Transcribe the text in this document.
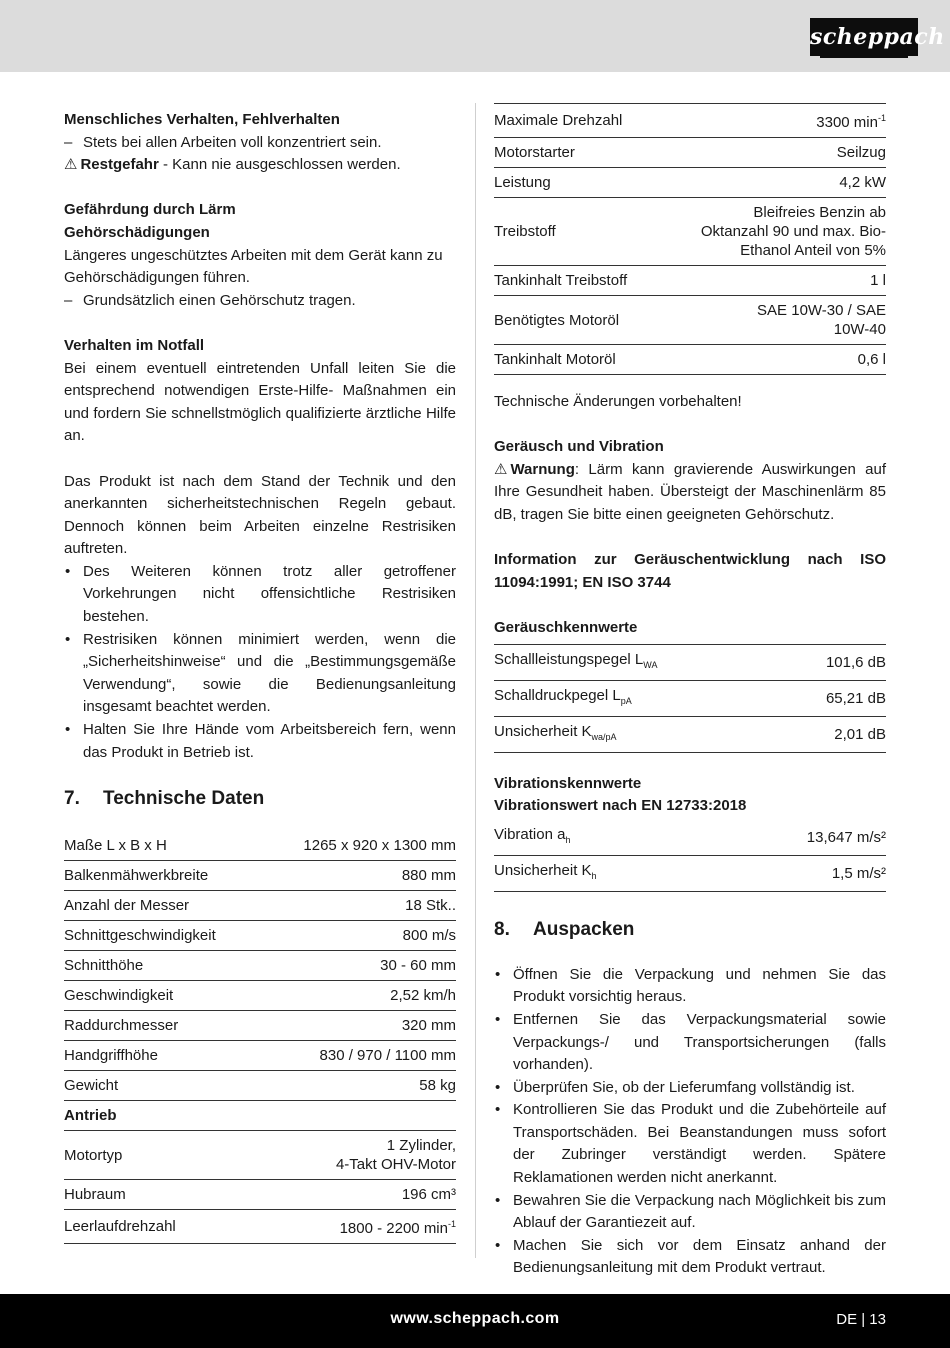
scheppach

Menschliches Verhalten, Fehlverhalten

– Stets bei allen Arbeiten voll konzentriert sein.

⚠ Restgefahr - Kann nie ausgeschlossen werden.

Gefährdung durch Lärm

Gehörschädigungen

Längeres ungeschütztes Arbeiten mit dem Gerät kann zu Gehörschädigungen führen.

– Grundsätzlich einen Gehörschutz tragen.

Verhalten im Notfall

Bei einem eventuell eintretenden Unfall leiten Sie die entsprechend notwendigen Erste-Hilfe- Maßnahmen ein und fordern Sie schnellstmöglich qualifizierte ärztliche Hilfe an.

Das Produkt ist nach dem Stand der Technik und den anerkannten sicherheitstechnischen Regeln gebaut. Dennoch können beim Arbeiten einzelne Restrisiken auftreten.

• Des Weiteren können trotz aller getroffener Vorkehrungen nicht offensichtliche Restrisiken bestehen.
• Restrisiken können minimiert werden, wenn die „Sicherheitshinweise“ und die „Bestimmungsgemäße Verwendung“, sowie die Bedienungsanleitung insgesamt beachtet werden.
• Halten Sie Ihre Hände vom Arbeitsbereich fern, wenn das Produkt in Betrieb ist.
7.	Technische Daten
Maße L x B x H	1265 x 920 x 1300 mm
Balkenmähwerkbreite	880 mm
Anzahl der Messer	18 Stk..
Schnittgeschwindigkeit	800 m/s
Schnitthöhe	30 - 60 mm
Geschwindigkeit	2,52 km/h
Raddurchmesser	320 mm
Handgriffhöhe	830 / 970 / 1100 mm
Gewicht	58 kg
Antrieb	
Motortyp	1 Zylinder,
4-Takt OHV-Motor
Hubraum	196 cm³
Leerlaufdrehzahl	1800 - 2200 $\min^{-1}$
Maximale Drehzahl	3300 $\min^{-1}$
Motorstarter	Seilzug
Leistung	4,2 kW
Treibstoff	Bleifreies Benzin ab
Oktanzahl 90 und max. Bio-
Ethanol Anteil von 5%
Tankinhalt Treibstoff	1 l
Benötigtes Motoröl	SAE 10W-30 / SAE
10W-40
Tankinhalt Motoröl	0,6 l

Technische Änderungen vorbehalten!

Geräusch und Vibration

⚠ Warnung: Lärm kann gravierende Auswirkungen auf Ihre Gesundheit haben. Übersteigt der Maschinenlärm 85 dB, tragen Sie bitte einen geeigneten Gehörschutz.

Information zur Geräuschentwicklung nach ISO 11094:1991; EN ISO 3744

Geräuschkennwerte

Schallleistungspegel $L_{WA}$	101,6 dB
Schalldruckpegel $L_{pA}$	65,21 dB
Unsicherheit $K_{wa/pA}$	2,01 dB

Vibrationskennwerte

Vibrationswert nach EN 12733:2018

Vibration $a_h$	13,647 m/s²
Unsicherheit $K_h$	1,5 m/s²
8.	Auspacken
• Öffnen Sie die Verpackung und nehmen Sie das Produkt vorsichtig heraus.
• Entfernen Sie das Verpackungsmaterial sowie Verpackungs-/ und Transportsicherungen (falls vorhanden).
• Überprüfen Sie, ob der Lieferumfang vollständig ist.
• Kontrollieren Sie das Produkt und die Zubehörteile auf Transportschäden. Bei Beanstandungen muss sofort der Zubringer verständigt werden. Spätere Reklamationen werden nicht anerkannt.
• Bewahren Sie die Verpackung nach Möglichkeit bis zum Ablauf der Garantiezeit auf.
• Machen Sie sich vor dem Einsatz anhand der Bedienungsanleitung mit dem Produkt vertraut.
www.scheppach.com	DE | 13
